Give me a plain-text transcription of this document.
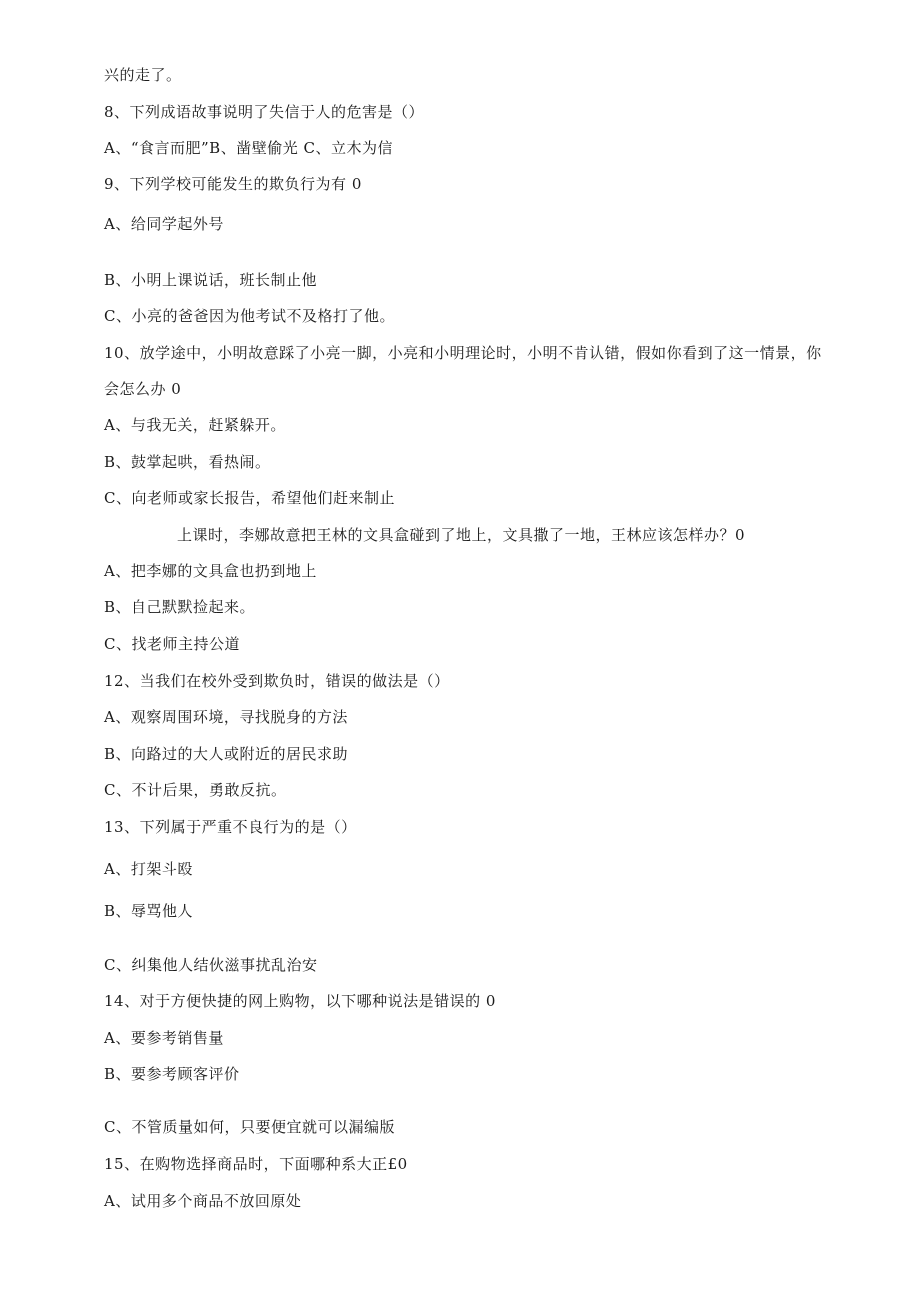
兴的走了。
8、下列成语故事说明了失信于人的危害是（）
A、“食言而肥”B、凿壁偷光 C、立木为信
9、下列学校可能发生的欺负行为有 0
A、给同学起外号
B、小明上课说话，班长制止他
C、小亮的爸爸因为他考试不及格打了他。
10、放学途中，小明故意踩了小亮一脚，小亮和小明理论时，小明不肯认错，假如你看到了这一情景，你
会怎么办 0
A、与我无关，赶紧躲开。
B、鼓掌起哄，看热闹。
C、向老师或家长报告，希望他们赶来制止
上课时，李娜故意把王林的文具盒碰到了地上，文具撒了一地，王林应该怎样办？0
A、把李娜的文具盒也扔到地上
B、自己默默捡起来。
C、找老师主持公道
12、当我们在校外受到欺负时，错误的做法是（）
A、观察周围环境，寻找脱身的方法
B、向路过的大人或附近的居民求助
C、不计后果，勇敢反抗。
13、下列属于严重不良行为的是（）
A、打架斗殴
B、辱骂他人
C、纠集他人结伙滋事扰乱治安
14、对于方便快捷的网上购物，以下哪种说法是错误的 0
A、要参考销售量
B、要参考顾客评价
C、不管质量如何，只要便宜就可以漏编版
15、在购物选择商品时，下面哪种系大正£0
A、试用多个商品不放回原处
